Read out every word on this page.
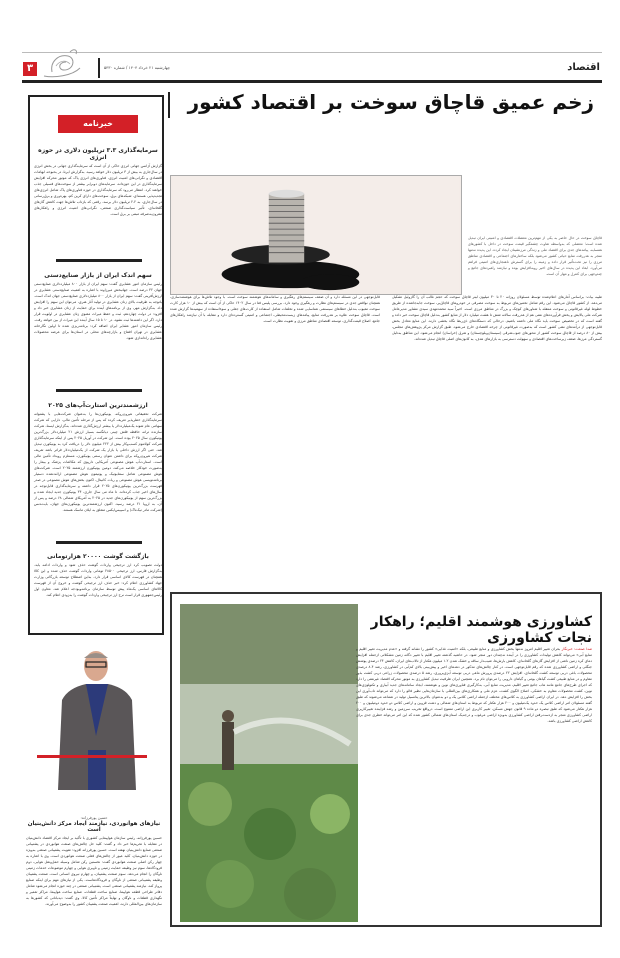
۳	چهارشنبه ۲۱ خرداد ۱۴۰۴ / شماره ۵۴۳۰	اقتصاد
خبرنامه
سرمایه‌گذاری ۳.۳ تریلیون دلاری در حوزه انرژی

گزارش آژانس جهانی انرژی حاکی از آن است که سرمایه‌گذاری جهانی در بخش انرژی در سال‌جاری به بیش از ۳ تریلیون دلار خواهد رسید. به‌گزارش ایرنا، در بحبوحه ابهامات اقتصادی و نگرانی‌های امنیت انرژی، فناوری‌های انرژی پاک که موتور محرکه افزایش سرمایه‌گذاری در این حوزه‌اند، سرمایه‌های دوبرابر بیشتر از سوخت‌های فسیلی جذب خواهند کرد. انتظار می‌رود که سرمایه‌گذاری در حوزه فناوری‌های پاک شامل انرژی‌های تجدیدپذیر، هسته‌ای، شبکه‌های برق، سوخت‌های دارای کربن کم، بهره‌وری و برق‌رسانی در سال‌جاری، به ۲.۲ تریلیون دلار برسد. رقمی که بازتاب تلاش‌ها جهت کاهش گازهای گلخانه‌ای، تأثیر سیاست‌گذاری صنعتی، نگرانی‌های امنیت انرژی و راهکارهای مقرون‌به‌صرفه مبتنی بر برق است.

سهم اندک ایران از بازار صنایع‌دستی

رئیس سازمان امور عشایری گفت: سهم ایران از بازار ۸۰۰ میلیارددلاری صنایع‌دستی جهان ۳۲ درصد است. جهانبخش میرزاوند با اشاره به اهمیت صنایع‌دستی عشایری در ارزش‌آفرینی گفت: سهم ایران از بازار ۸۰۰ میلیارددلاری صنایع‌دستی جهان اندک است. باتوجه به ظرفیت بالای زنان عشایری در تولید آثار هنری، می‌توان این سهم را افزایش داد. به‌گزارش مهر، وی از برنامه‌های آینده برای حمایت از زنان عشایری خبر داد و افزود: در دولت چهاردهم، ثبت و حفظ میراث معنوی زنان عشایری در اولویت قرار دارد. اگر این داشته‌ها ثبت نشود، در ۱۰ تا ۱۵ سال آینده این میراث از بین خواهد رفت. رئیس سازمان امور عشایر ایران اضافه کرد: برنامه‌ریزی شده تا اولین نگارخانه عشایری در تهران افتتاح و بازارچه‌های محلی در استان‌ها برای عرضه محصولات عشایری راه‌اندازی شود.

ارزشمندترین استارت‌آپ‌های ۲۰۲۵

شرکت تحقیقاتی هیرون‌روکه، یونیکورن‌ها را به‌عنوان شرکت‌هایی با پشتوانه سرمایه‌گذاری خطرپذیر تعریف کرده که پس از مرحله تأمین مالی، دارایی که شرکت سهامی عام شوند یک‌میلیارددلار یا بیشتر ارزش‌گذاری شده‌اند. به‌گزارش ایسنا، شرکت سازنده ترانه حافظه فلش چینی دیانگسه بسیار ارزش ۲۱ میلیارددلار بزرگ‌ترین یونیکورن سال ۲۰۲۵ بوده است. این شرکت در آوریل ۲۰۲۵ پس از اینکه سرمایه‌گذاری شرکت کوئانتوم کسب‌وکار بیش از ۲۲۲ میلیون دلار را دریافت کرد به یونیکورن تبدیل شد. حتی اگر ارزش داخلی یا بازار یک شرکت از یک‌میلیارددلار فراتر باشد تعریف شرکت هیرون‌روکه برای داشتن عنوان رسمی یونیکورن، مستلزم رویداد تأمین مالی است. استارت‌آپ هوش مصنوعی آمریکایی دارپوی که مکالمات پزشک و بیمار را به‌صورت خودکار خلاصه می‌کند، دومین یونیکورن ارزشمند ۲۰۲۵ است. شرکت‌های هوش مصنوعی شامل ستتابوتیک و پوتیمون هوش مصنوعی ارائه‌دهنده دستیار برنامه‌نویسی هوش مصنوعی و ربات کانیتال، اکنون بخش‌های هوش مصنوعی در صدر فهرست بزرگ‌ترین یونیکورن‌های ۲۰۲۵ قرار داشته و سرمایه‌گذاری قابل‌توجه در سال‌های اخیر جذب کرده‌اند. تا ماه می سال جاری، ۳۴ یونیکورن جدید ایجاد شده و بزرگ‌ترین سهم از یونیکورن‌های جدید در ۲۰۲۵ به آمریکای شمالی ۶۸ درصد و پس از آن، به اروپا ۲۱ درصد رسید. اکنون ارزشمندترین یونیکورن‌های جهان، بایت‌دنس (شرکت مادر تیک‌تاک) و اسپیس‌ایکس متعلق به ایلان ماسک هستند.

بازگشت گوشت ۲۰۰۰۰ هزارتومانی

دولت تصویب کرد ارز ترجیحی واردات گوشت حذف شود و واردات ادامه یابد. به‌گزارش فارس، ارز ترجیحی ۲۸۵۰۰ تومانی واردات گوشت حذف شده و این کالا همچنان در فهرست کالای اساسی قرار دارد. به‌این اصطلاح توسعه بازرگانی وزارت جهاد کشاورزی اعلام کرد: خبر حذف ارز ترجیحی گوشت و خروج آن از فهرست کالاهای اساسی یک‌ماه پیش توسط سازمان برنامه‌وبودجه اعلام شد. معاون اول رئیس‌جمهوری قرار است نرخ ارز ترجیحی واردات گوشت را به‌زودی اعلام کند.

حسین پورفرزانه:
نیازهای هوانوردی، نیازمند ایجاد مرکز دانش‌بنیان است

حسین پورفرزانه، رئیس سازمان هواپیمایی کشوری با تأکید بر ایجاد مرکز اقتصاد دانش‌بنیان در مقابله با تحریم‌ها خبر داد و گفت: کلید حل چالش‌های صنعت هوانوردی در پشتیبانی صنعتی صنایع دانش‌بنیان نهفته است. حسین پورفرزانه افزود: تقویت پشتیبانی صنعتی به‌ویژه در حوزه دانش‌بنیان، کلید عبور از چالش‌های فعلی صنعت هوانوردی است. وی با اشاره به چهار رکن اصلی صنعت هوانوردی گفت: نخستین رکن شامل وسیله حمل‌ونقل هوایی، دوم فرودگاه‌ها، سوم نیز وظیفه حمایت زمینی و ناوبری هوایی و چهارم موضوعات خدمات زمینی ناوگان را انجام می‌دهد. سوم صنعت پشتیبان، و چهارم نیروی انسانی است. صنعت پشتیبان وظیفه پشتیبانی صنعتی از ناوگان و فرودگاه‌هاست. یکی از نیازهای مهم برای اینکه صنایع پرواز کند، نیازمند پشتیبانی صنعتی است. پشتیبانی صنعتی در چند حوزه انجام می‌شود شامل دفاتر طراحی قطعه هواپیما، صنایع ساخت قطعات، صنایع ساخت هواپیما، مراکز تعمیر و نگهداری قطعات و ناوگان و نهایتاً مراکز تأمین کالا. وی گفت: دیدبانانی که کشورها به سازمان‌های بین‌المللی دارند، اهمیت صنعت پشتیبان کشور را به‌وضوح می‌آورند.

زخم عمیق قاچاق سوخت بر اقتصاد کشور
قاچاق سوخت در حال حاضر به یکی از مهم‌ترین معضلات اقتصادی و امنیتی ایران تبدیل شده است؛ معضلی که به‌واسطه تفاوت چشمگیر قیمت سوخت در داخل با کشورهای همسایه، پیامدهای جدی برای اقتصاد ملی و زندگی مرزنشینان ایجاد کرده. این پدیده نه‌تنها منجر به هدررفت منابع حیاتی کشور می‌شود بلکه ساختارهای اجتماعی و اقتصادی مناطق مرزی را نیز تحت‌تأثیر قرار داده و زمینه را برای گسترش ناهنجاری‌های امنیتی فراهم می‌آورد. ابعاد این پدیده در سال‌های اخیر روبه‌افزایش بوده و نیازمند راهبردهای جامع و چندوجهی برای کنترل و مهار آن است.
طیبه بیات: براساس آمارهای اعلام‌شده توسط مسئولان روزانه ۲۰ تا ۳۰ میلیون لیتر قاچاق سوخت که حجم غالب آن را گازوئیل تشکیل می‌دهد، از کشور قاچاق می‌شود. این رقم شامل تخمین‌های مربوط به سوخت مصرفی در خودروهای قاچاق‌بر، سوخت جابه‌جاشده از طریق خطوط لوله غیرقانونی و سوخت منتقله با شناورهای کوچک و بزرگ در مناطق مرزی است. اخیراً سید محمدمهدی سیدی مشاور مدیرعامل شرکت ملی پالایش و پخش فرآورده‌های نفتی هم از هدررفت سالانه شش تا هشت میلیارد دلار از منابع کشور به‌دلیل قاچاق سوخت خبر داده و گفته است که در تخصیص سوخت باید نگاه ملی داشته باشیم. درحالی که دستگاه‌های ذی‌ربط نگاه بخشی دارند. این منابع معادل بخش قابل‌توجهی از درآمدهای نفتی کشور است که به‌صورت غیرقانونی از چرخه اقتصادی خارج می‌شود. طبق گزارش مرکز پژوهش‌های مجلس، بیش از ۸۰ درصد از قاچاق سوخت کشور از محورهای جنوب‌شرقی (سیستان‌وبلوچستان) و شرق (خراسان) انجام می‌شود. این مناطق به‌دلیل گستردگی مرزها، ضعف زیرساخت‌های اقتصادی و سهولت دسترسی به بازارهای هدف، به کانون‌های اصلی قاچاق تبدیل شده‌اند.
قابل‌توجهی در این مسئله دارد و آن ضعف سیستم‌های رهگیری و سامانه‌های هوشمند سوخت است. با وجود تلاش‌ها برای هوشمندسازی، همچنان نواقص جدی در سیستم‌های نظارت و رهگیری وجود دارد. بررسی پلیس فتا در سال ۱۴۰۲ حاکی از آن است که بیش از ۱۰ هزار کارت سوخت معیوب به‌دلیل خطاهای سیستمی شناسایی شده و تخلفات شامل استفاده از کارت‌های جعلی و سوءاستفاده از سهمیه‌ها گزارش شده است. قاچاق سوخت علاوه بر هدررفت منابع، پیامدهای زیست‌محیطی، اجتماعی و امنیتی گسترده‌ای دارد و مقابله با آن نیازمند راهکارهای جامع، اصلاح قیمت‌گذاری، توسعه اقتصادی مناطق مرزی و تقویت نظارت است.
کشاورزی هوشمند اقلیم؛ راهکار نجات کشاورزی
صدا صنعت: خبرنگار بحران تغییر اقلیم امروز نه‌تنها بخش کشاورزی و منابع طبیعی، بلکه «امنیت غذایی» کشور را نشانه گرفته و «عدم مدیریت تغییر اقلیم و منابع آبی» می‌تواند کاهش تولیدات کشاورزی را در آینده نه‌چندان دور منجر شود. در حاشیه گذشته تغییر اقلیم با تغییر دگانه زمین مشکلاتی ازجمله افزایش دمای کره زمین ناشی از افزایش گازهای گلخانه‌ای، کاهش بارش‌ها، شیب‌دار ساقه و خشک شدن ۱.۲ میلیون هکتار از تالاب‌های ایران، کاهش ۲۴ درصدی پوشش جنگلی و اراضی کشاورزی شده که رقم قابل‌توجهی است. در کنار چالش‌های مذکور در دهه‌های اخیر و پیش‌بینی بالای کم‌آبی در کشاورزی، رشد ۸.۴ درصدی محصولات باغی دربی توسعه کشت گلخانه‌ای، افزایش ۲۲ درصدی پرورش ماهی دربی توسعه آبزی‌پروری، رشد ۵ درصدی محصولات زراعی دربی کشت بذور مقاوم و در منابع طبیعی کشت گیاهان بومی و گیاهان دارویی را می‌توان نام برد. همچنین ایران ظرفیت تبدیل کشاورزی به موتور محرکه اقتصاد غیرنفتی را دارد که اجرای طرح‌های جامع مانند هاب جامع تغییر اقلیم، مدیریت منابع آبی، به‌کارگیری فناوری‌های نوین و هوشمند، ایجاد سامانه‌های جدید آبیاری و تکنولوژی‌های نوین، کشت محصولات مقاوم به خشکی، اصلاح الگوی کشت، عزم ملی و همکاری‌های بین‌المللی با سازمان‌هایی نظیر فائو را دارد که می‌تواند تاب‌آوری این بخش را افزایش دهد. در ایران اراضی کشاورزی به کلاس‌های مختلف ازجمله اراضی کلاس یک و دو به‌عنوان بالاترین پتانسیل تولید در شماعه می‌شوند که طبق گفته مسئولان امر اراضی کلاس یک حدود یک‌میلیون و ۲۰۰ هزار هکتار که مربوط به استان‌های شمالی و دشت قزوین و اراضی کلاس دو حدود دومیلیون و ۴۰۰ هزار هکتار می‌شود که طبق تبصره دو ماده ۹ قانون جهش مسکن، تغییر کاربری این اراضی ممنوع است. درواقع تخریب سرزمین و رشد فزاینده تغییرکاربری اراضی کشاورزی منجر به ازدست‌رفتن اراضی کشاورزی به‌ویژه اراضی مرغوب و درجه‌یک استان‌های شمالی کشور شده که این امر می‌تواند خطری جدی برای کاهش اراضی کشاورزی باشد.
